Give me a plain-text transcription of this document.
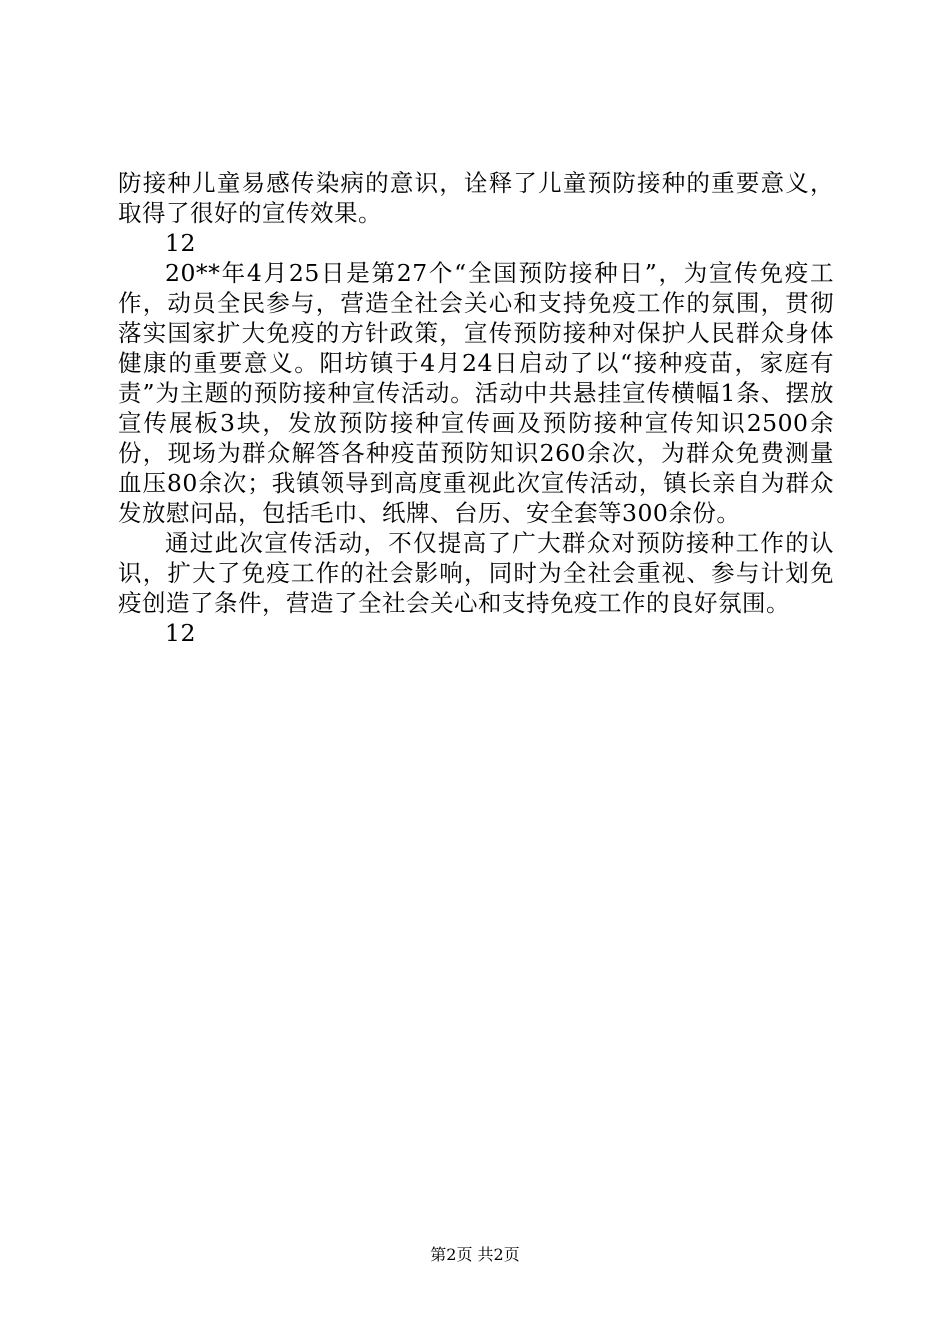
防接种儿童易感传染病的意识，诠释了儿童预防接种的重要意义，取得了很好的宣传效果。

12

20**年4月25日是第27个“全国预防接种日”，为宣传免疫工作，动员全民参与，营造全社会关心和支持免疫工作的氛围，贯彻落实国家扩大免疫的方针政策，宣传预防接种对保护人民群众身体健康的重要意义。阳坊镇于4月24日启动了以“接种疫苗，家庭有责”为主题的预防接种宣传活动。活动中共悬挂宣传横幅1条、摆放宣传展板3块，发放预防接种宣传画及预防接种宣传知识2500余份，现场为群众解答各种疫苗预防知识260余次，为群众免费测量血压80余次；我镇领导到高度重视此次宣传活动，镇长亲自为群众发放慰问品，包括毛巾、纸牌、台历、安全套等300余份。

通过此次宣传活动，不仅提高了广大群众对预防接种工作的认识，扩大了免疫工作的社会影响，同时为全社会重视、参与计划免疫创造了条件，营造了全社会关心和支持免疫工作的良好氛围。

12

第2页 共2页
